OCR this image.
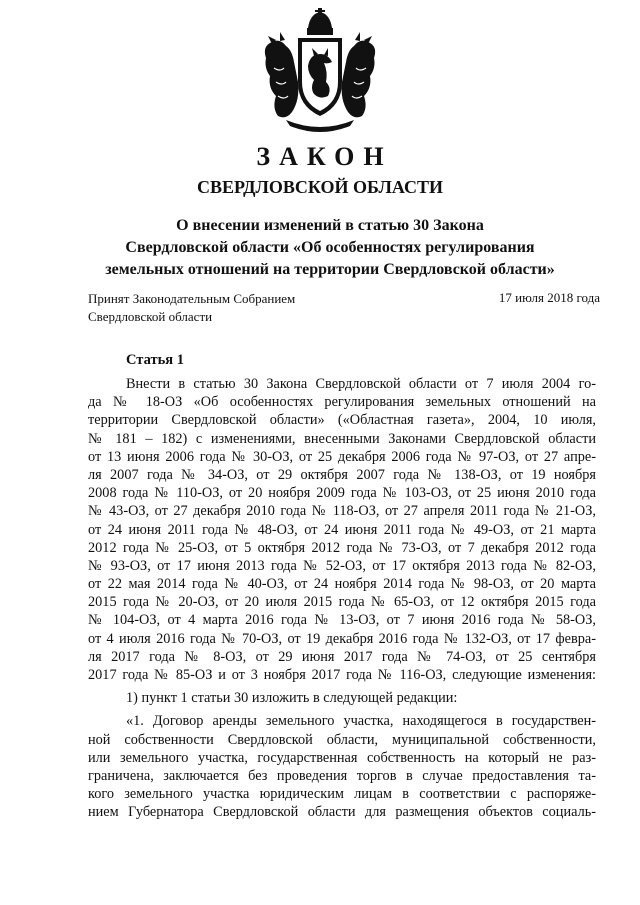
ЗАКОН
СВЕРДЛОВСКОЙ ОБЛАСТИ
О внесении изменений в статью 30 Закона
Свердловской области «Об особенностях регулирования
земельных отношений на территории Свердловской области»
Принят Законодательным Собранием
Свердловской области
17 июля 2018 года
Статья 1
Внести в статью 30 Закона Свердловской области от 7 июля 2004 го-
да № 18-ОЗ «Об особенностях регулирования земельных отношений на
территории Свердловской области» («Областная газета», 2004, 10 июля,
№ 181 – 182) с изменениями, внесенными Законами Свердловской области
от 13 июня 2006 года № 30-ОЗ, от 25 декабря 2006 года № 97-ОЗ, от 27 апре-
ля 2007 года № 34-ОЗ, от 29 октября 2007 года № 138-ОЗ, от 19 ноября
2008 года № 110-ОЗ, от 20 ноября 2009 года № 103-ОЗ, от 25 июня 2010 года
№ 43-ОЗ, от 27 декабря 2010 года № 118-ОЗ, от 27 апреля 2011 года № 21-ОЗ,
от 24 июня 2011 года № 48-ОЗ, от 24 июня 2011 года № 49-ОЗ, от 21 марта
2012 года № 25-ОЗ, от 5 октября 2012 года № 73-ОЗ, от 7 декабря 2012 года
№ 93-ОЗ, от 17 июня 2013 года № 52-ОЗ, от 17 октября 2013 года № 82-ОЗ,
от 22 мая 2014 года № 40-ОЗ, от 24 ноября 2014 года № 98-ОЗ, от 20 марта
2015 года № 20-ОЗ, от 20 июля 2015 года № 65-ОЗ, от 12 октября 2015 года
№ 104-ОЗ, от 4 марта 2016 года № 13-ОЗ, от 7 июня 2016 года № 58-ОЗ,
от 4 июля 2016 года № 70-ОЗ, от 19 декабря 2016 года № 132-ОЗ, от 17 февра-
ля 2017 года № 8-ОЗ, от 29 июня 2017 года № 74-ОЗ, от 25 сентября
2017 года № 85-ОЗ и от 3 ноября 2017 года № 116-ОЗ, следующие изменения:
1) пункт 1 статьи 30 изложить в следующей редакции:
«1. Договор аренды земельного участка, находящегося в государствен-
ной собственности Свердловской области, муниципальной собственности,
или земельного участка, государственная собственность на который не раз-
граничена, заключается без проведения торгов в случае предоставления та-
кого земельного участка юридическим лицам в соответствии с распоряже-
нием Губернатора Свердловской области для размещения объектов социаль-
